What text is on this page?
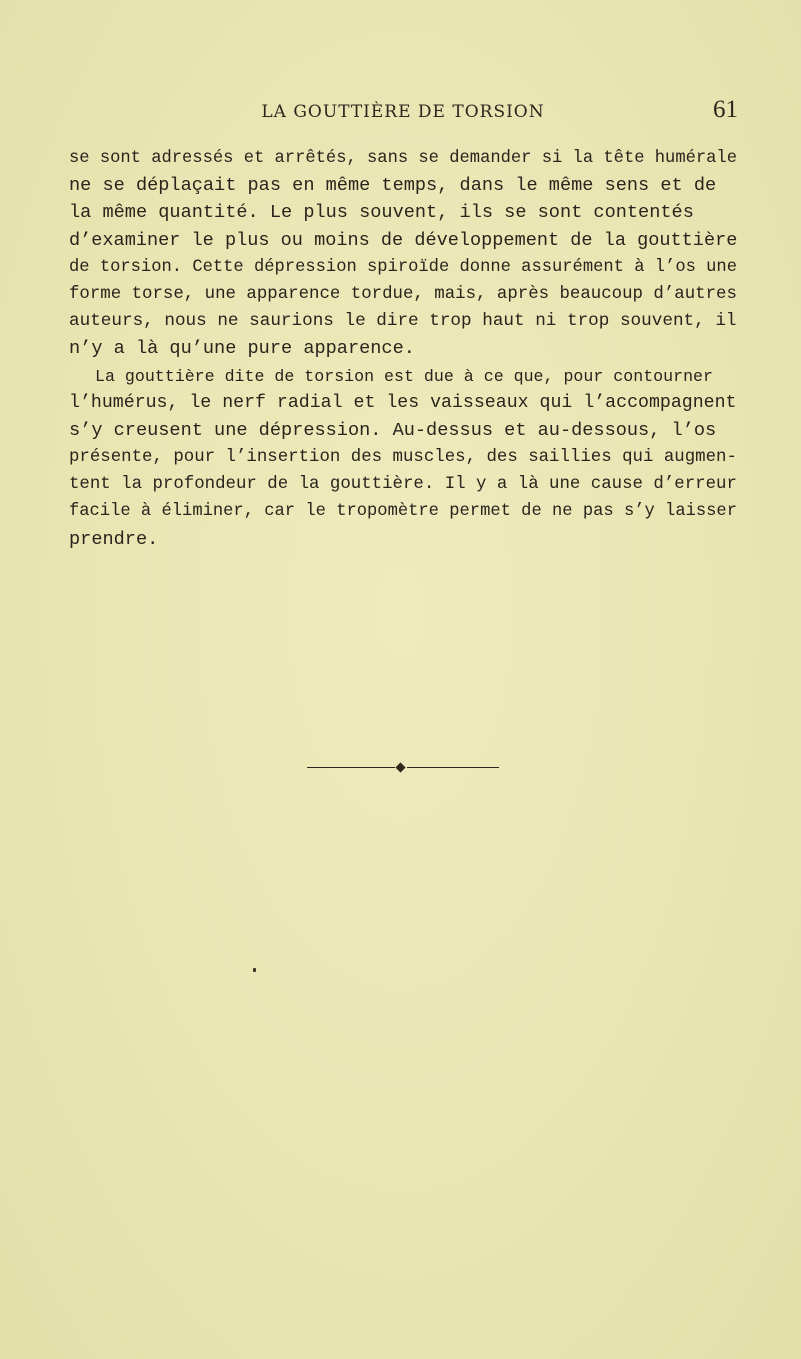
LA GOUTTIÈRE DE TORSION	61
se sont adressés et arrêtés, sans se demander si la tête humérale
ne se déplaçait pas en même temps, dans le même sens et de
la même quantité. Le plus souvent, ils se sont contentés
d’examiner le plus ou moins de développement de la gouttière
de torsion. Cette dépression spiroïde donne assurément à l’os une
forme torse, une apparence tordue, mais, après beaucoup d’autres
auteurs, nous ne saurions le dire trop haut ni trop souvent, il
n’y a là qu’une pure apparence.
La gouttière dite de torsion est due à ce que, pour contourner
l’humérus, le nerf radial et les vaisseaux qui l’accompagnent
s’y creusent une dépression. Au-dessus et au-dessous, l’os
présente, pour l’insertion des muscles, des saillies qui augmen-
tent la profondeur de la gouttière. Il y a là une cause d’erreur
facile à éliminer, car le tropomètre permet de ne pas s’y laisser
prendre.
